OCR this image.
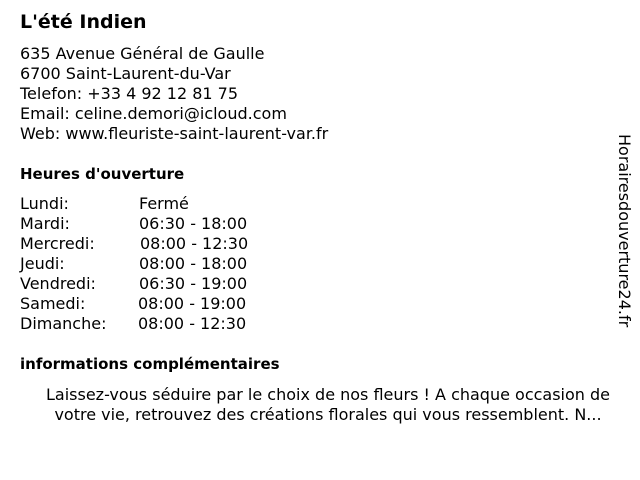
L'été Indien
635 Avenue Général de Gaulle
6700 Saint-Laurent-du-Var
Telefon: +33 4 92 12 81 75
Email: celine.demori@icloud.com
Web: www.fleuriste-saint-laurent-var.fr
Heures d'ouverture
Lundi:	Fermé
Mardi:	06:30 - 18:00
Mercredi:	08:00 - 12:30
Jeudi:	08:00 - 18:00
Vendredi:	06:30 - 19:00
Samedi:	08:00 - 19:00
Dimanche: 08:00 - 12:30
informations complémentaires
Laissez-vous séduire par le choix de nos fleurs ! A chaque occasion de
votre vie, retrouvez des créations florales qui vous ressemblent. N...
Horairesdouverture24.fr
